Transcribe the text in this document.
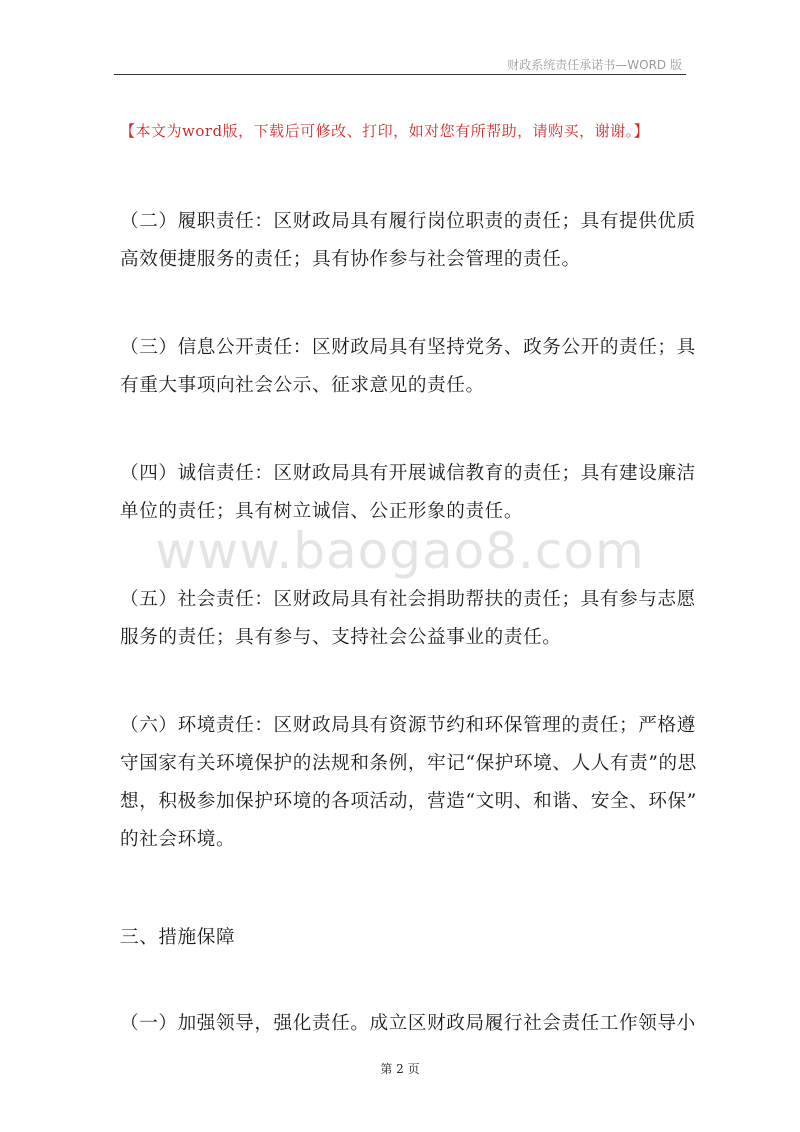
财政系统责任承诺书—WORD 版
【本文为word版，下载后可修改、打印，如对您有所帮助，请购买，谢谢。】
www.baogao8.com
（二）履职责任：区财政局具有履行岗位职责的责任；具有提供优质
高效便捷服务的责任；具有协作参与社会管理的责任。
（三）信息公开责任：区财政局具有坚持党务、政务公开的责任；具
有重大事项向社会公示、征求意见的责任。
（四）诚信责任：区财政局具有开展诚信教育的责任；具有建设廉洁
单位的责任；具有树立诚信、公正形象的责任。
（五）社会责任：区财政局具有社会捐助帮扶的责任；具有参与志愿
服务的责任；具有参与、支持社会公益事业的责任。
（六）环境责任：区财政局具有资源节约和环保管理的责任；严格遵
守国家有关环境保护的法规和条例，牢记“保护环境、人人有责”的思
想，积极参加保护环境的各项活动，营造“文明、和谐、安全、环保”
的社会环境。
三、措施保障
（一）加强领导，强化责任。成立区财政局履行社会责任工作领导小
第 2 页
